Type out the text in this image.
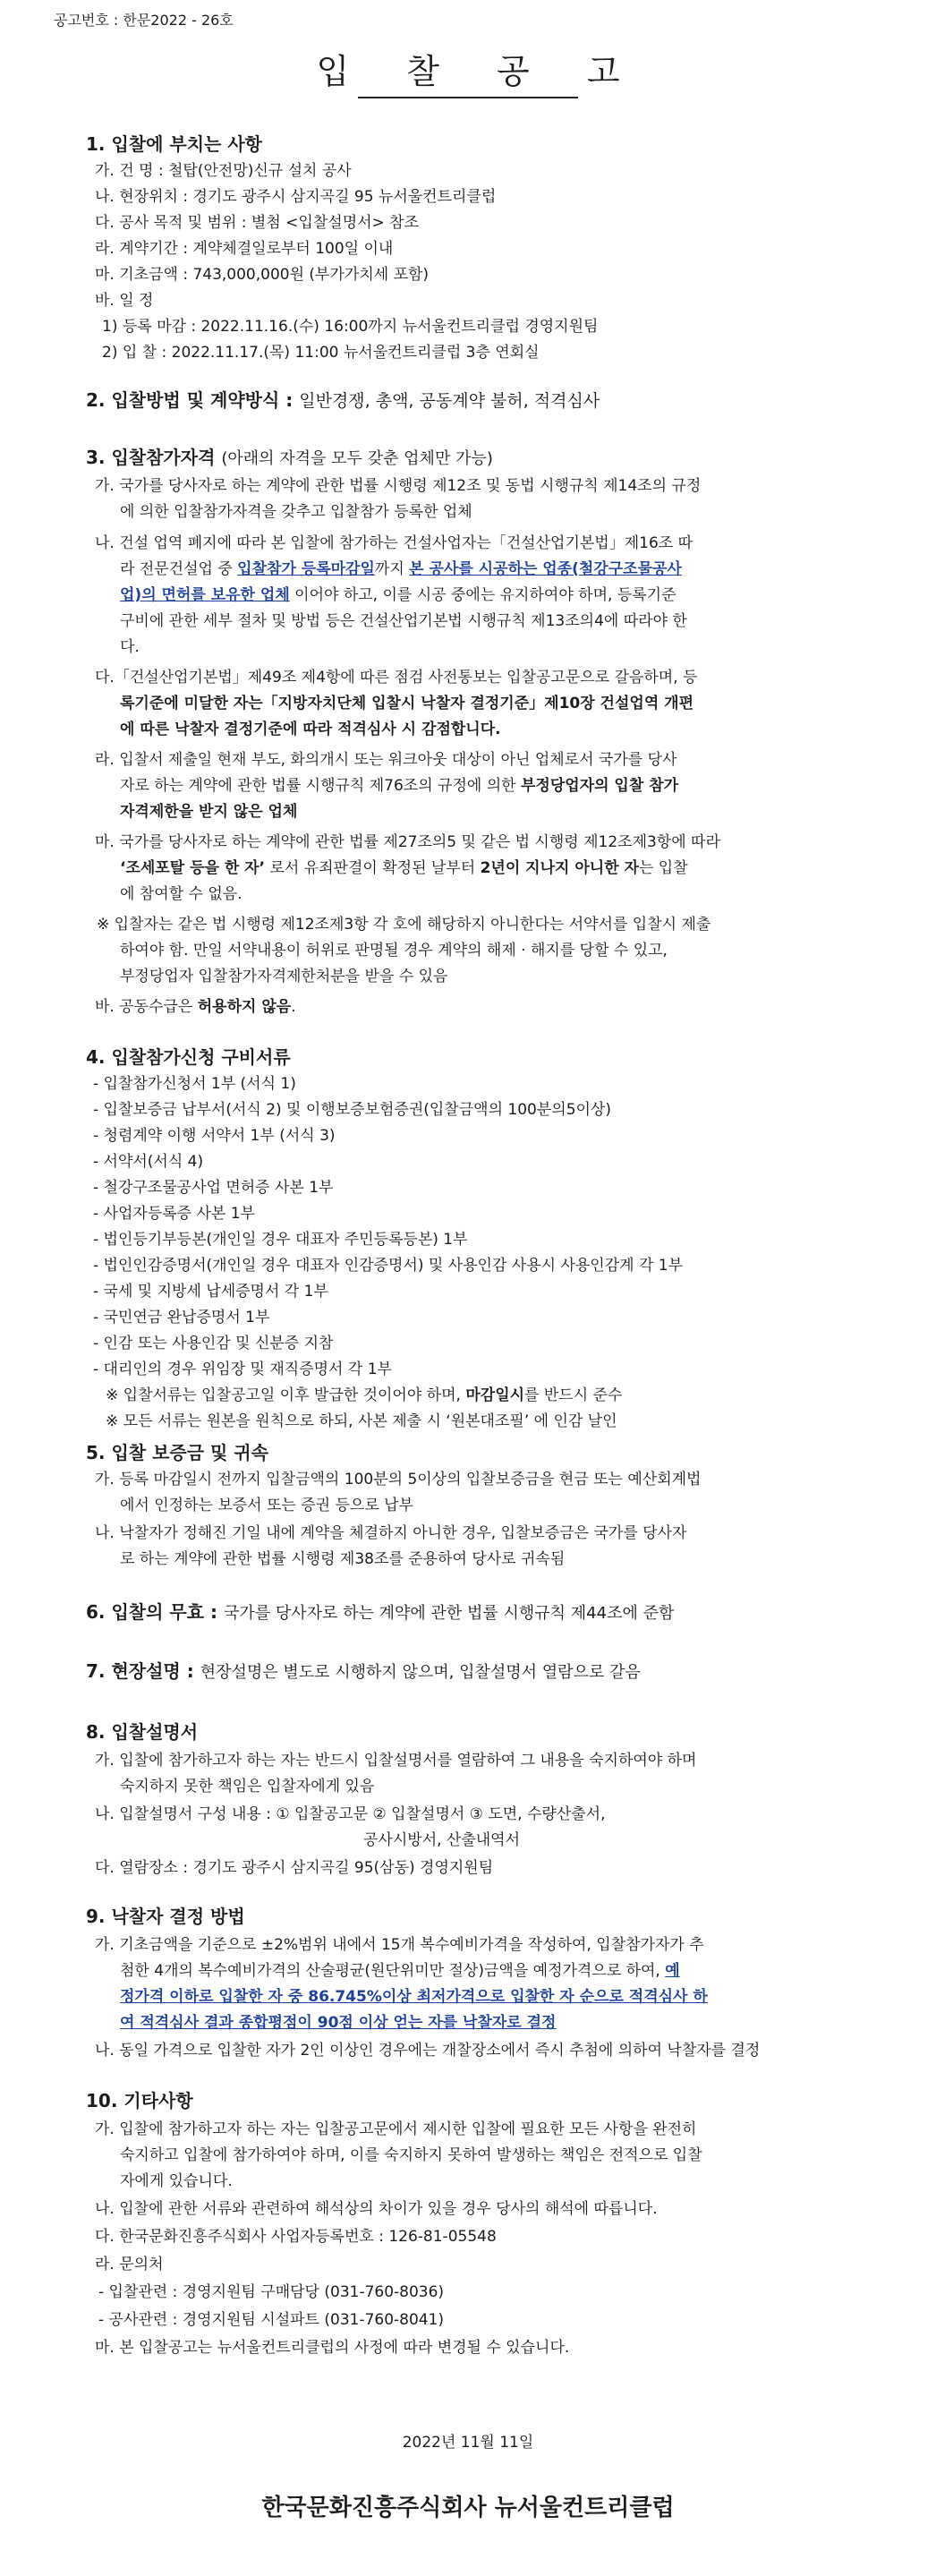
공고번호 : 한문2022 - 26호
입 찰 공 고
1. 입찰에 부치는 사항
가. 건 명 : 철탑(안전망)신규 설치 공사
나. 현장위치 : 경기도 광주시 삼지곡길 95 뉴서울컨트리클럽
다. 공사 목적 및 범위 : 별첨 <입찰설명서> 참조
라. 계약기간 : 계약체결일로부터 100일 이내
마. 기초금액 : 743,000,000원 (부가가치세 포함)
바. 일 정
1) 등록 마감 : 2022.11.16.(수) 16:00까지 뉴서울컨트리클럽 경영지원팀
2) 입 찰 : 2022.11.17.(목) 11:00 뉴서울컨트리클럽 3층 연회실
2. 입찰방법 및 계약방식 : 일반경쟁, 총액, 공동계약 불허, 적격심사
3. 입찰참가자격 (아래의 자격을 모두 갖춘 업체만 가능)
가. 국가를 당사자로 하는 계약에 관한 법률 시행령 제12조 및 동법 시행규칙 제14조의 규정
에 의한 입찰참가자격을 갖추고 입찰참가 등록한 업체
나. 건설 업역 폐지에 따라 본 입찰에 참가하는 건설사업자는「건설산업기본법」제16조 따
라 전문건설업 중 입찰참가 등록마감일까지 본 공사를 시공하는 업종(철강구조물공사
업)의 면허를 보유한 업체 이어야 하고, 이를 시공 중에는 유지하여야 하며, 등록기준
구비에 관한 세부 절차 및 방법 등은 건설산업기본법 시행규칙 제13조의4에 따라야 한
다.
다.「건설산업기본법」제49조 제4항에 따른 점검 사전통보는 입찰공고문으로 갈음하며, 등
록기준에 미달한 자는「지방자치단체 입찰시 낙찰자 결정기준」제10장 건설업역 개편
에 따른 낙찰자 결정기준에 따라 적격심사 시 감점합니다.
라. 입찰서 제출일 현재 부도, 화의개시 또는 워크아웃 대상이 아닌 업체로서 국가를 당사
자로 하는 계약에 관한 법률 시행규칙 제76조의 규정에 의한 부정당업자의 입찰 참가
자격제한을 받지 않은 업체
마. 국가를 당사자로 하는 계약에 관한 법률 제27조의5 및 같은 법 시행령 제12조제3항에 따라
‘조세포탈 등을 한 자’ 로서 유죄판결이 확정된 날부터 2년이 지나지 아니한 자는 입찰
에 참여할 수 없음.
※ 입찰자는 같은 법 시행령 제12조제3항 각 호에 해당하지 아니한다는 서약서를 입찰시 제출
하여야 함. 만일 서약내용이 허위로 판명될 경우 계약의 해제 · 해지를 당할 수 있고,
부정당업자 입찰참가자격제한처분을 받을 수 있음
바. 공동수급은 허용하지 않음.
4. 입찰참가신청 구비서류
- 입찰참가신청서 1부 (서식 1)
- 입찰보증금 납부서(서식 2) 및 이행보증보험증권(입찰금액의 100분의5이상)
- 청렴계약 이행 서약서 1부 (서식 3)
- 서약서(서식 4)
- 철강구조물공사업 면허증 사본 1부
- 사업자등록증 사본 1부
- 법인등기부등본(개인일 경우 대표자 주민등록등본) 1부
- 법인인감증명서(개인일 경우 대표자 인감증명서) 및 사용인감 사용시 사용인감계 각 1부
- 국세 및 지방세 납세증명서 각 1부
- 국민연금 완납증명서 1부
- 인감 또는 사용인감 및 신분증 지참
- 대리인의 경우 위임장 및 재직증명서 각 1부
※ 입찰서류는 입찰공고일 이후 발급한 것이어야 하며, 마감일시를 반드시 준수
※ 모든 서류는 원본을 원칙으로 하되, 사본 제출 시 ‘원본대조필’ 에 인감 날인
5. 입찰 보증금 및 귀속
가. 등록 마감일시 전까지 입찰금액의 100분의 5이상의 입찰보증금을 현금 또는 예산회계법
에서 인정하는 보증서 또는 증권 등으로 납부
나. 낙찰자가 정해진 기일 내에 계약을 체결하지 아니한 경우, 입찰보증금은 국가를 당사자
로 하는 계약에 관한 법률 시행령 제38조를 준용하여 당사로 귀속됨
6. 입찰의 무효 : 국가를 당사자로 하는 계약에 관한 법률 시행규칙 제44조에 준함
7. 현장설명 : 현장설명은 별도로 시행하지 않으며, 입찰설명서 열람으로 갈음
8. 입찰설명서
가. 입찰에 참가하고자 하는 자는 반드시 입찰설명서를 열람하여 그 내용을 숙지하여야 하며
숙지하지 못한 책임은 입찰자에게 있음
나. 입찰설명서 구성 내용 : ① 입찰공고문 ② 입찰설명서 ③ 도면, 수량산출서,
공사시방서, 산출내역서
다. 열람장소 : 경기도 광주시 삼지곡길 95(삼동) 경영지원팀
9. 낙찰자 결정 방법
가. 기초금액을 기준으로 ±2%범위 내에서 15개 복수예비가격을 작성하여, 입찰참가자가 추
첨한 4개의 복수예비가격의 산술평균(원단위미만 절상)금액을 예정가격으로 하여, 예
정가격 이하로 입찰한 자 중 86.745%이상 최저가격으로 입찰한 자 순으로 적격심사 하
여 적격심사 결과 종합평점이 90점 이상 얻는 자를 낙찰자로 결정
나. 동일 가격으로 입찰한 자가 2인 이상인 경우에는 개찰장소에서 즉시 추첨에 의하여 낙찰자를 결정
10. 기타사항
가. 입찰에 참가하고자 하는 자는 입찰공고문에서 제시한 입찰에 필요한 모든 사항을 완전히
숙지하고 입찰에 참가하여야 하며, 이를 숙지하지 못하여 발생하는 책임은 전적으로 입찰
자에게 있습니다.
나. 입찰에 관한 서류와 관련하여 해석상의 차이가 있을 경우 당사의 해석에 따릅니다.
다. 한국문화진흥주식회사 사업자등록번호 : 126-81-05548
라. 문의처
- 입찰관련 : 경영지원팀 구매담당 (031-760-8036)
- 공사관련 : 경영지원팀 시설파트 (031-760-8041)
마. 본 입찰공고는 뉴서울컨트리클럽의 사정에 따라 변경될 수 있습니다.
2022년 11월 11일
한국문화진흥주식회사 뉴서울컨트리클럽
